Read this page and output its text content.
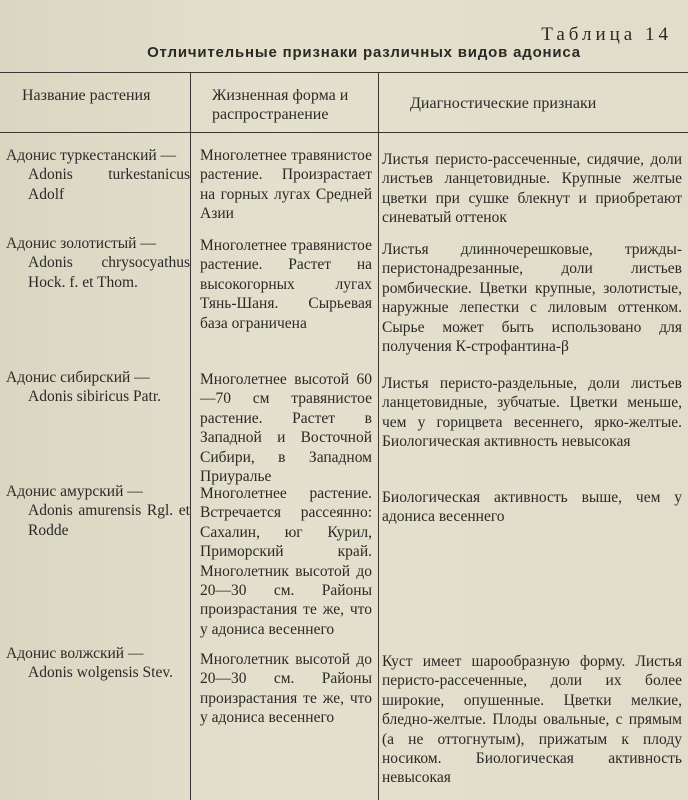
Таблица 14
Отличительные признаки различных видов адониса
Название растения	Жизненная форма и распространение
Диагностические признаки
Адонис туркестанский —
Adonis turkestanicus Adolf
Многолетнее травянистое растение. Произрастает на горных лугах Средней Азии
Листья перисто-рассеченные, сидячие, доли листьев ланцетовидные. Крупные желтые цветки при сушке блекнут и приобретают синеватый оттенок
Адонис золотистый —
Adonis chrysocyathus Hock. f. et Thom.
Многолетнее травянистое растение. Растет на высокогорных лугах Тянь-Шаня. Сырьевая база ограничена
Листья длинночерешковые, трижды-перистонадрезанные, доли листьев ромбические. Цветки крупные, золотистые, наружные лепестки с лиловым оттенком. Сырье может быть использовано для получения К-строфантина-β
Адонис сибирский —
Adonis sibiricus Patr.
Многолетнее высотой 60—70 см травянистое растение. Растет в Западной и Восточной Сибири, в Западном Приуралье
Листья перисто-раздельные, доли листьев ланцетовидные, зубчатые. Цветки меньше, чем у горицвета весеннего, ярко-желтые. Биологическая активность невысокая
Адонис амурский —
Adonis amurensis Rgl. et Rodde
Многолетнее растение. Встречается рассеянно: Сахалин, юг Курил, Приморский край. Многолетник высотой до 20—30 см. Районы произрастания те же, что у адониса весеннего
Биологическая активность выше, чем у адониса весеннего
Адонис волжский —
Adonis wolgensis Stev.
Многолетник высотой до 20—30 см. Районы произрастания те же, что у адониса весеннего
Куст имеет шарообразную форму. Листья перисто-рассеченные, доли их более широкие, опушенные. Цветки мелкие, бледно-желтые. Плоды овальные, с прямым (а не оттогнутым), прижатым к плоду носиком. Биологическая активность невысокая
